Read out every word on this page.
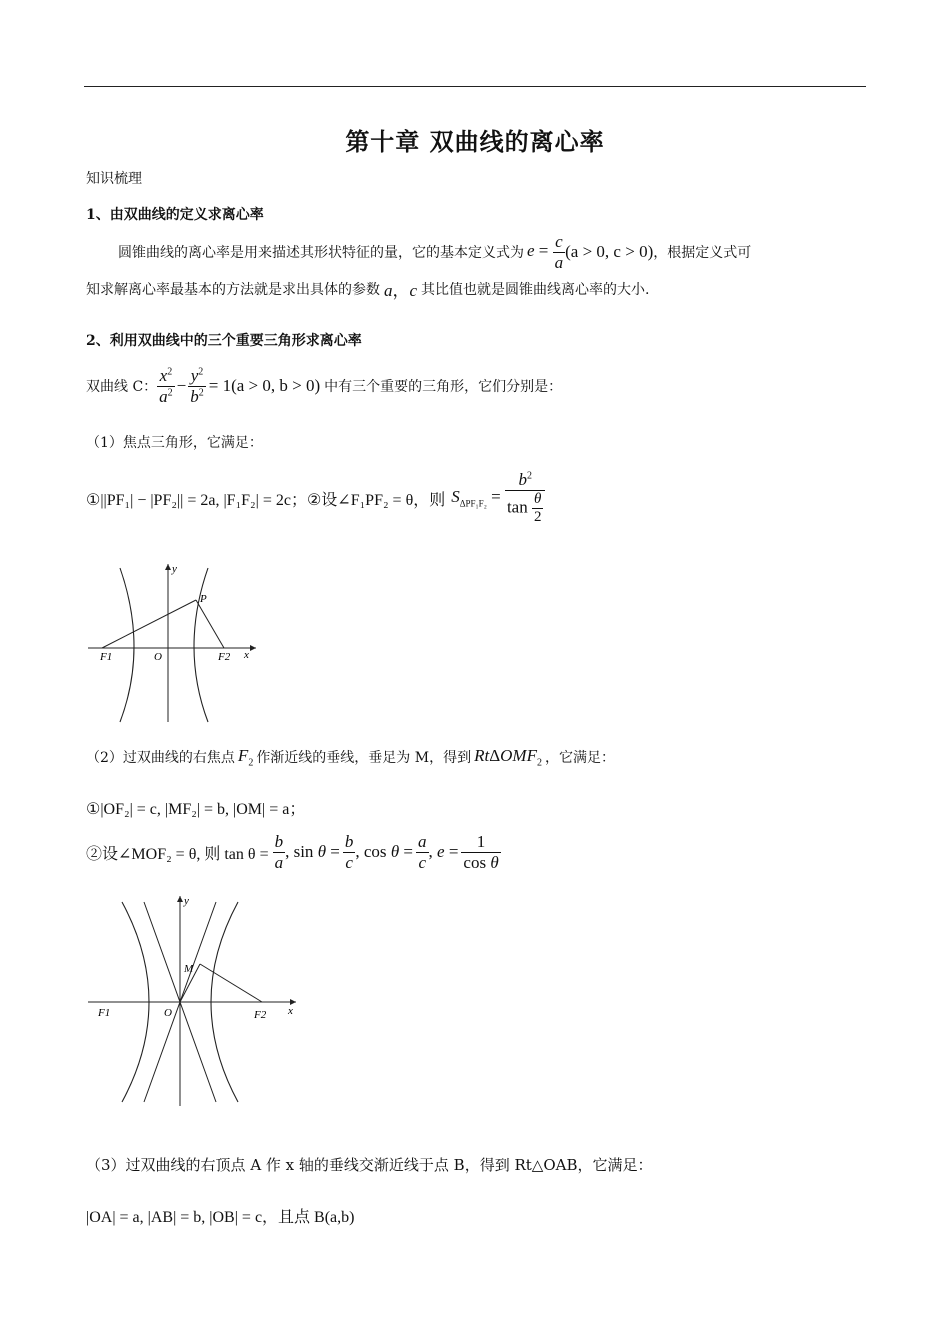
第十章 双曲线的离心率
知识梳理
1、由双曲线的定义求离心率
圆锥曲线的离心率是用来描述其形状特征的量，它的基本定义式为 $e = \frac{c}{a} (a > 0$, c > 0) ，根据定义式可
知求解离心率最基本的方法就是求出具体的参数 a，c 其比值也就是圆锥曲线离心率的大小.
2、利用双曲线中的三个重要三角形求离心率
双曲线 C： $\frac{x^2}{a^2} - \frac{y^2}{b^2} = 1(a > 0$, b > 0) 中有三个重要的三角形，它们分别是：
（1）焦点三角形，它满足：
①||PF₁| − |PF₂|| = 2a, |F₁F₂| = 2c；②设∠F₁PF₂ = θ，则 $S_{\Delta PF_1F_2} = \frac{b^2}{\tan \frac{\theta}{2}}$
y
P
F1	O	F2 x
（2）过双曲线的右焦点 $F_2$ 作渐近线的垂线，垂足为 M，得到 RtΔOMF$_2$ ，它满足：
①|OF₂| = c, |MF₂| = b, |OM| = a；
②设∠MOF₂ = θ, 则 $\tan \theta = \frac{b}{a}$ , $\sin \theta = \frac{b}{c}$ , $\cos \theta = \frac{a}{c}$ , $e = \frac{1}{\text{cos θ}}$
y
M
F1	O	F2 x
（3）过双曲线的右顶点 A 作 x 轴的垂线交渐近线于点 B，得到 Rt△OAB，它满足：
|OA| = a, |AB| = b, |OB| = c，且点 B(a,b)
